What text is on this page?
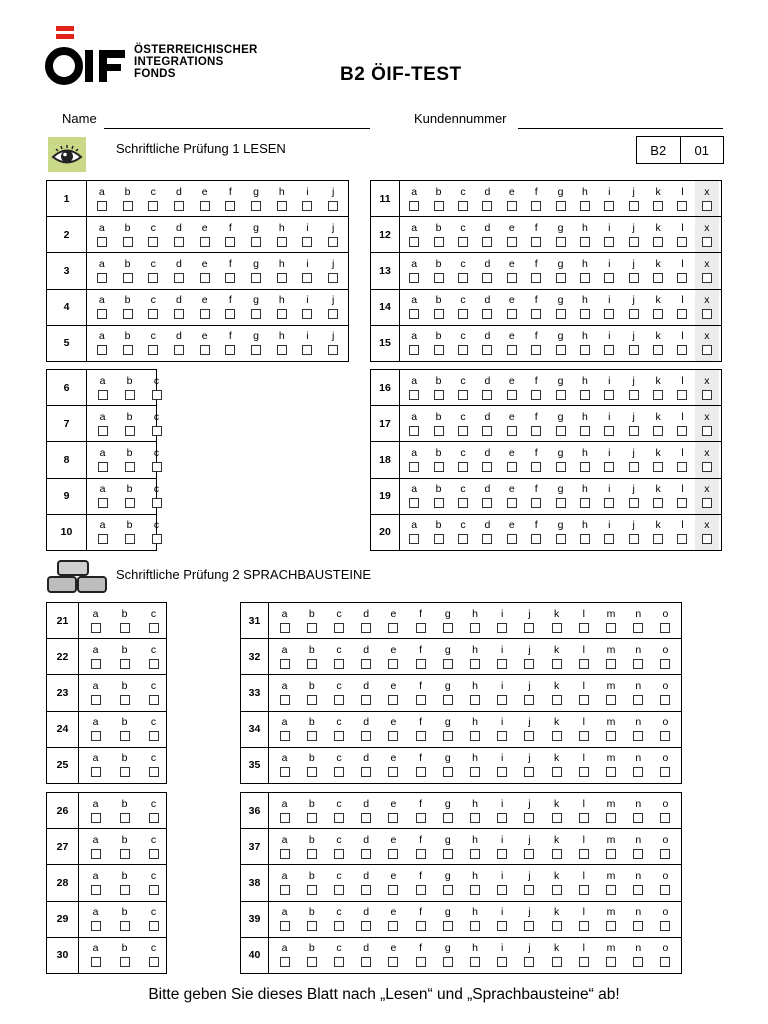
ÖSTERREICHISCHER
INTEGRATIONS
FONDS	B2 ÖIF-TEST
Name	Kundennummer
Schriftliche Prüfung 1 LESEN	B2	01
1
a b c d e f g h i j
2
a b c d e f g h i j
3
a b c d e f g h i j
4
a b c d e f g h i j
5
a b c d e f g h i j
11
a b c d e f g h i j k l x
12
a b c d e f g h i j k l x
13
a b c d e f g h i j k l x
14
a b c d e f g h i j k l x
15
a b c d e f g h i j k l x
6
a b c
7
a b c
8
a b c
9
a b c
10
a b c
16
a b c d e f g h i j k l x
17
a b c d e f g h i j k l x
18
a b c d e f g h i j k l x
19
a b c d e f g h i j k l x
20
a b c d e f g h i j k l x
Schriftliche Prüfung 2 SPRACHBAUSTEINE
21
a b c
22
a b c
23
a b c
24
a b c
25
a b c
31
a b c d e f g h i j k l m n o
32
a b c d e f g h i j k l m n o
33
a b c d e f g h i j k l m n o
34
a b c d e f g h i j k l m n o
35
a b c d e f g h i j k l m n o
26
a b c
27
a b c
28
a b c
29
a b c
30
a b c
36
a b c d e f g h i j k l m n o
37
a b c d e f g h i j k l m n o
38
a b c d e f g h i j k l m n o
39
a b c d e f g h i j k l m n o
40
a b c d e f g h i j k l m n o
Bitte geben Sie dieses Blatt nach „Lesen“ und „Sprachbausteine“ ab!
